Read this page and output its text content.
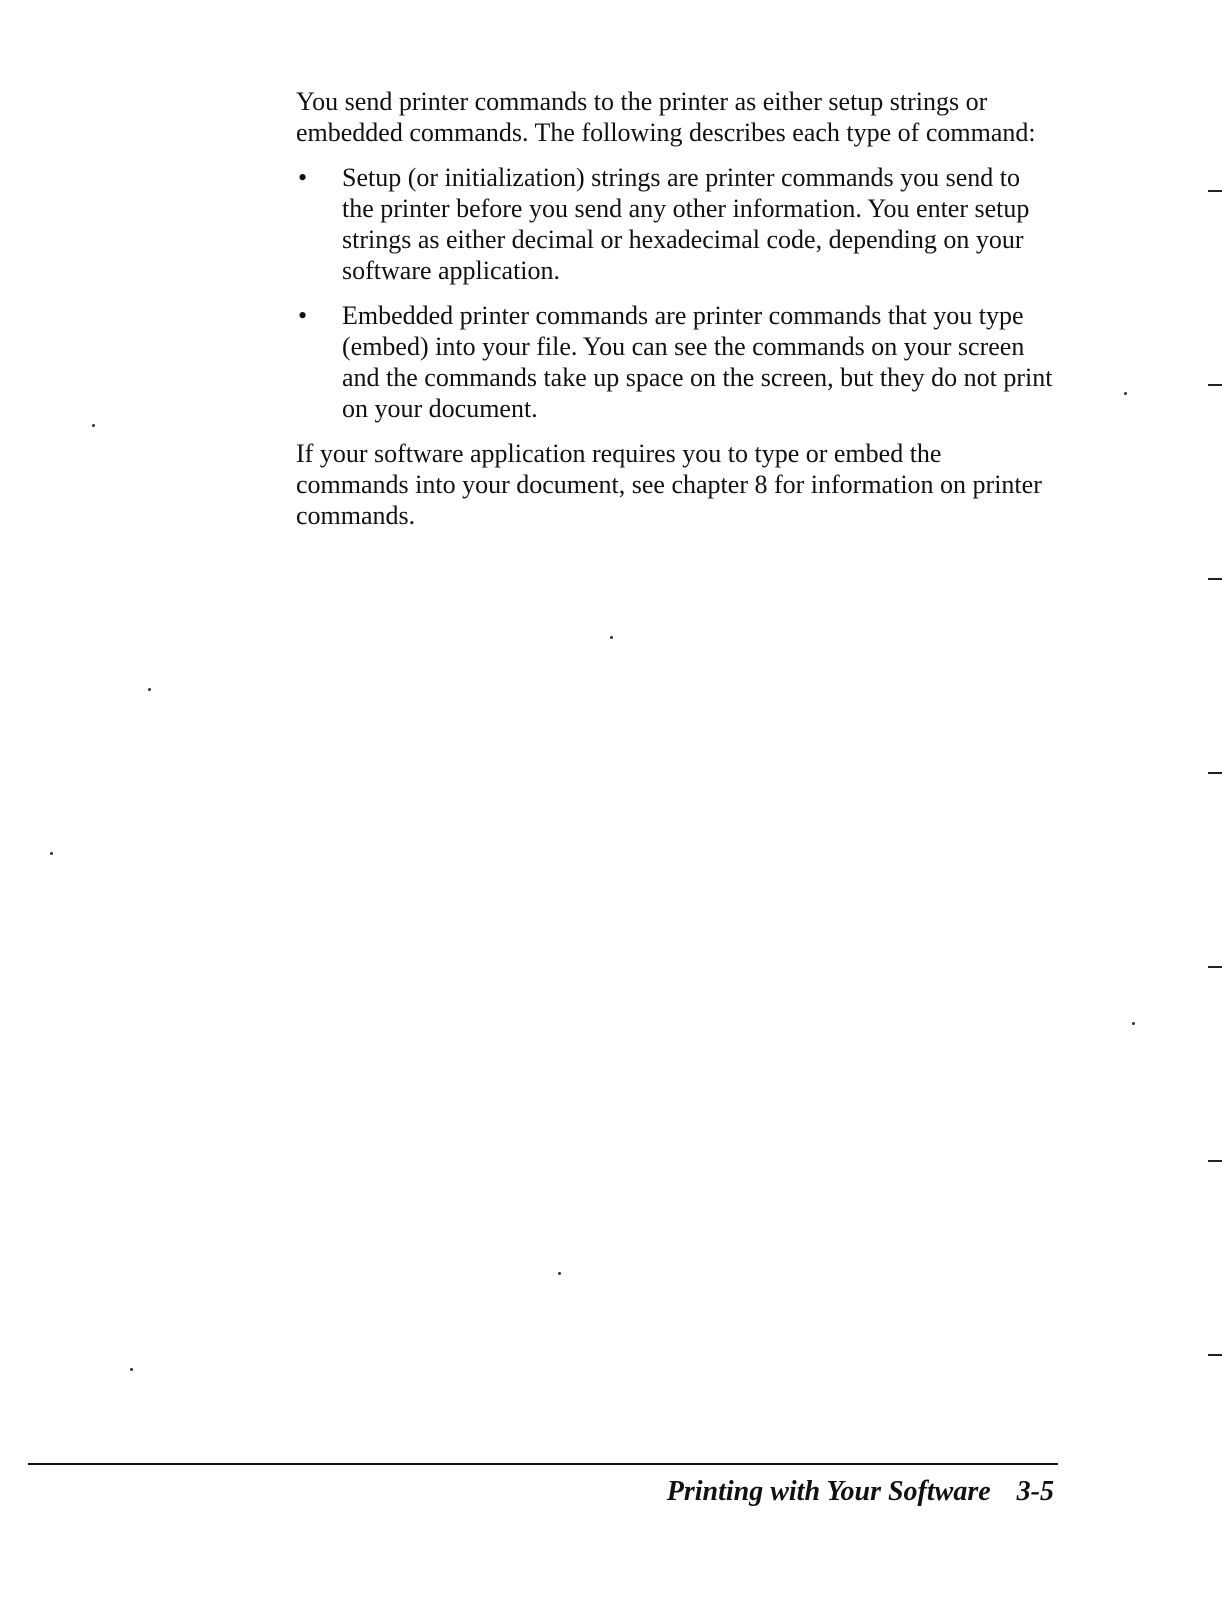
You send printer commands to the printer as either setup strings or embedded commands. The following describes each type of command:

•	Setup (or initialization) strings are printer commands you send to the printer before you send any other information. You enter setup strings as either decimal or hexadecimal code, depending on your software application.
•	Embedded printer commands are printer commands that you type (embed) into your file. You can see the commands on your screen and the commands take up space on the screen, but they do not print on your document.

If your software application requires you to type or embed the commands into your document, see chapter 8 for information on printer commands.

Printing with Your Software 3-5
